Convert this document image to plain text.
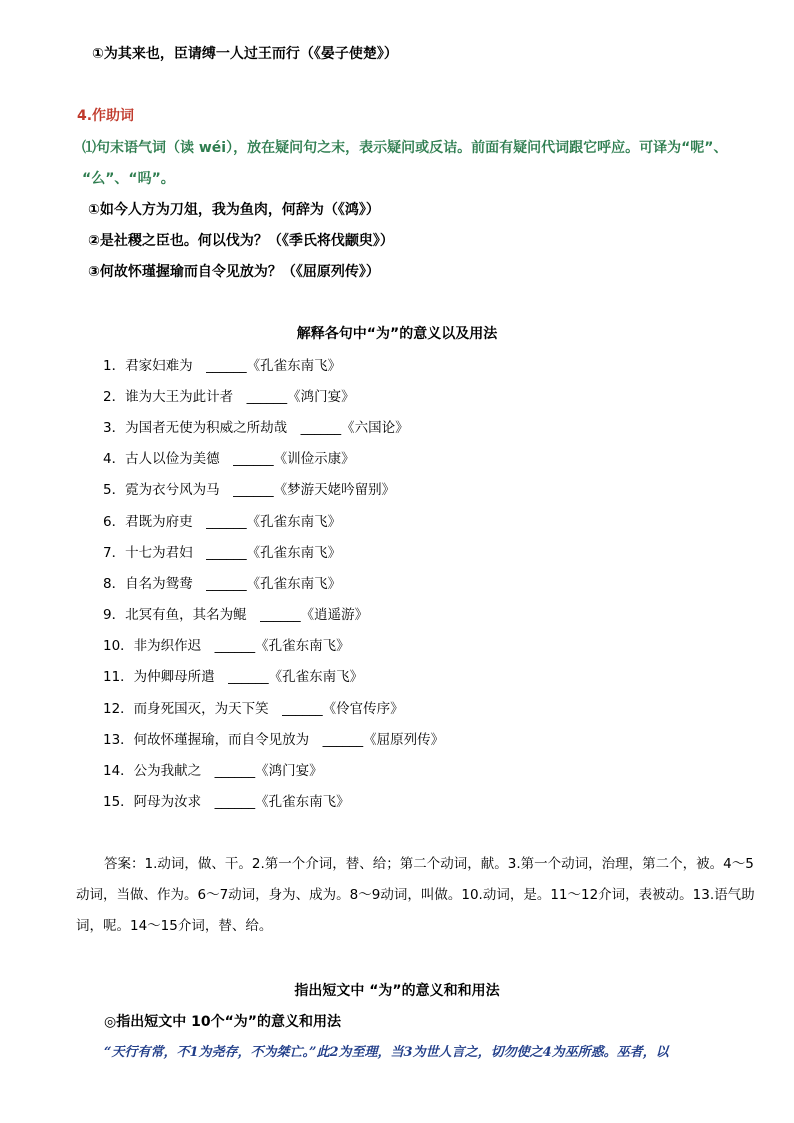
①为其来也，臣请缚一人过王而行（《晏子使楚》）
4.作助词
⑴句末语气词（读 wéi），放在疑问句之末，表示疑问或反诘。前面有疑问代词跟它呼应。可译为“呢”、
“么”、“吗”。
①如今人方为刀俎，我为鱼肉，何辞为（《鸿》）
②是社稷之臣也。何以伐为？（《季氏将伐颛臾》）
③何故怀瑾握瑜而自令见放为？（《屈原列传》）
解释各句中“为”的意义以及用法
1．君家妇难为　______《孔雀东南飞》
2．谁为大王为此计者　______《鸿门宴》
3．为国者无使为积威之所劫哉　______《六国论》
4．古人以俭为美德　______《训俭示康》
5．霓为衣兮风为马　______《梦游天姥吟留别》
6．君既为府吏　______《孔雀东南飞》
7．十七为君妇　______《孔雀东南飞》
8．自名为鸳鸯　______《孔雀东南飞》
9．北冥有鱼，其名为鲲　______《逍遥游》
10．非为织作迟　______《孔雀东南飞》
11．为仲卿母所遣　______《孔雀东南飞》
12．而身死国灭，为天下笑　______《伶官传序》
13．何故怀瑾握瑜，而自令见放为　______《屈原列传》
14．公为我献之　______《鸿门宴》
15．阿母为汝求　______《孔雀东南飞》
答案：1.动词，做、干。2.第一个介词，替、给；第二个动词，献。3.第一个动词，治理，第二个，被。4～5动词，当做、作为。6～7动词，身为、成为。8～9动词，叫做。10.动词，是。11～12介词，表被动。13.语气助词，呢。14～15介词，替、给。
指出短文中 “为”的意义和和用法
◎指出短文中 10个“为”的意义和用法
“天行有常，不1为尧存，不为桀亡。”此2为至理，当3为世人言之，切勿使之4为巫所惑。巫者，以
